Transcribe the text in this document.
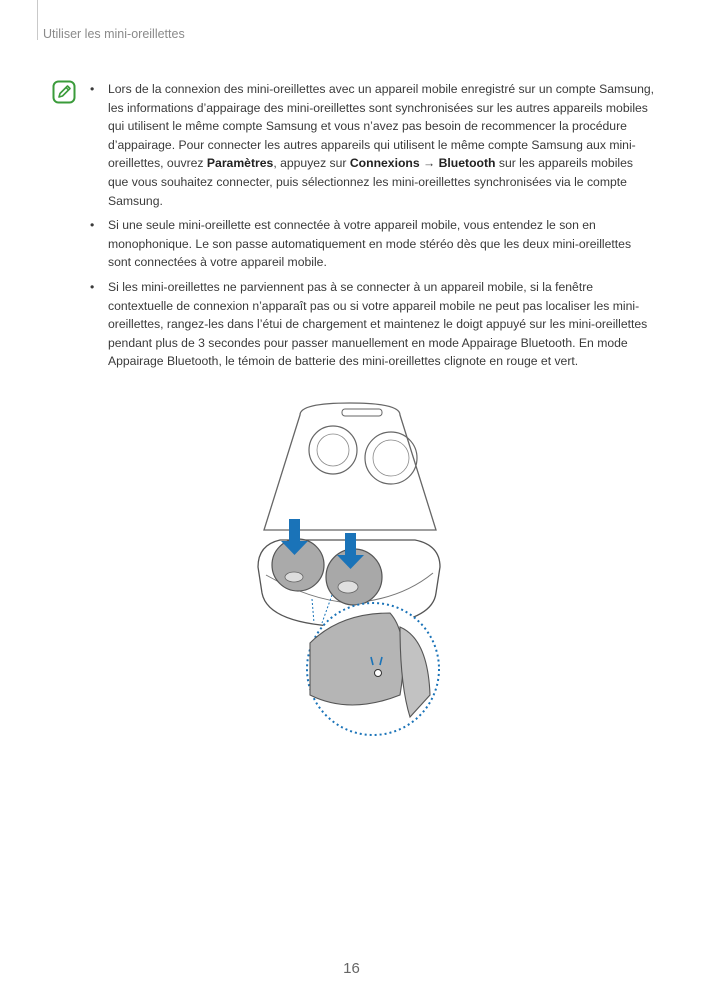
Utiliser les mini-oreillettes
• Lors de la connexion des mini-oreillettes avec un appareil mobile enregistré sur un compte Samsung, les informations d’appairage des mini-oreillettes sont synchronisées sur les autres appareils mobiles qui utilisent le même compte Samsung et vous n’avez pas besoin de recommencer la procédure d’appairage. Pour connecter les autres appareils qui utilisent le même compte Samsung aux mini-oreillettes, ouvrez Paramètres, appuyez sur Connexions → Bluetooth sur les appareils mobiles que vous souhaitez connecter, puis sélectionnez les mini-oreillettes synchronisées via le compte Samsung.
• Si une seule mini-oreillette est connectée à votre appareil mobile, vous entendez le son en monophonique. Le son passe automatiquement en mode stéréo dès que les deux mini-oreillettes sont connectées à votre appareil mobile.
• Si les mini-oreillettes ne parviennent pas à se connecter à un appareil mobile, si la fenêtre contextuelle de connexion n’apparaît pas ou si votre appareil mobile ne peut pas localiser les mini-oreillettes, rangez-les dans l’étui de chargement et maintenez le doigt appuyé sur les mini-oreillettes pendant plus de 3 secondes pour passer manuellement en mode Appairage Bluetooth. En mode Appairage Bluetooth, le témoin de batterie des mini-oreillettes clignote en rouge et vert.
16
